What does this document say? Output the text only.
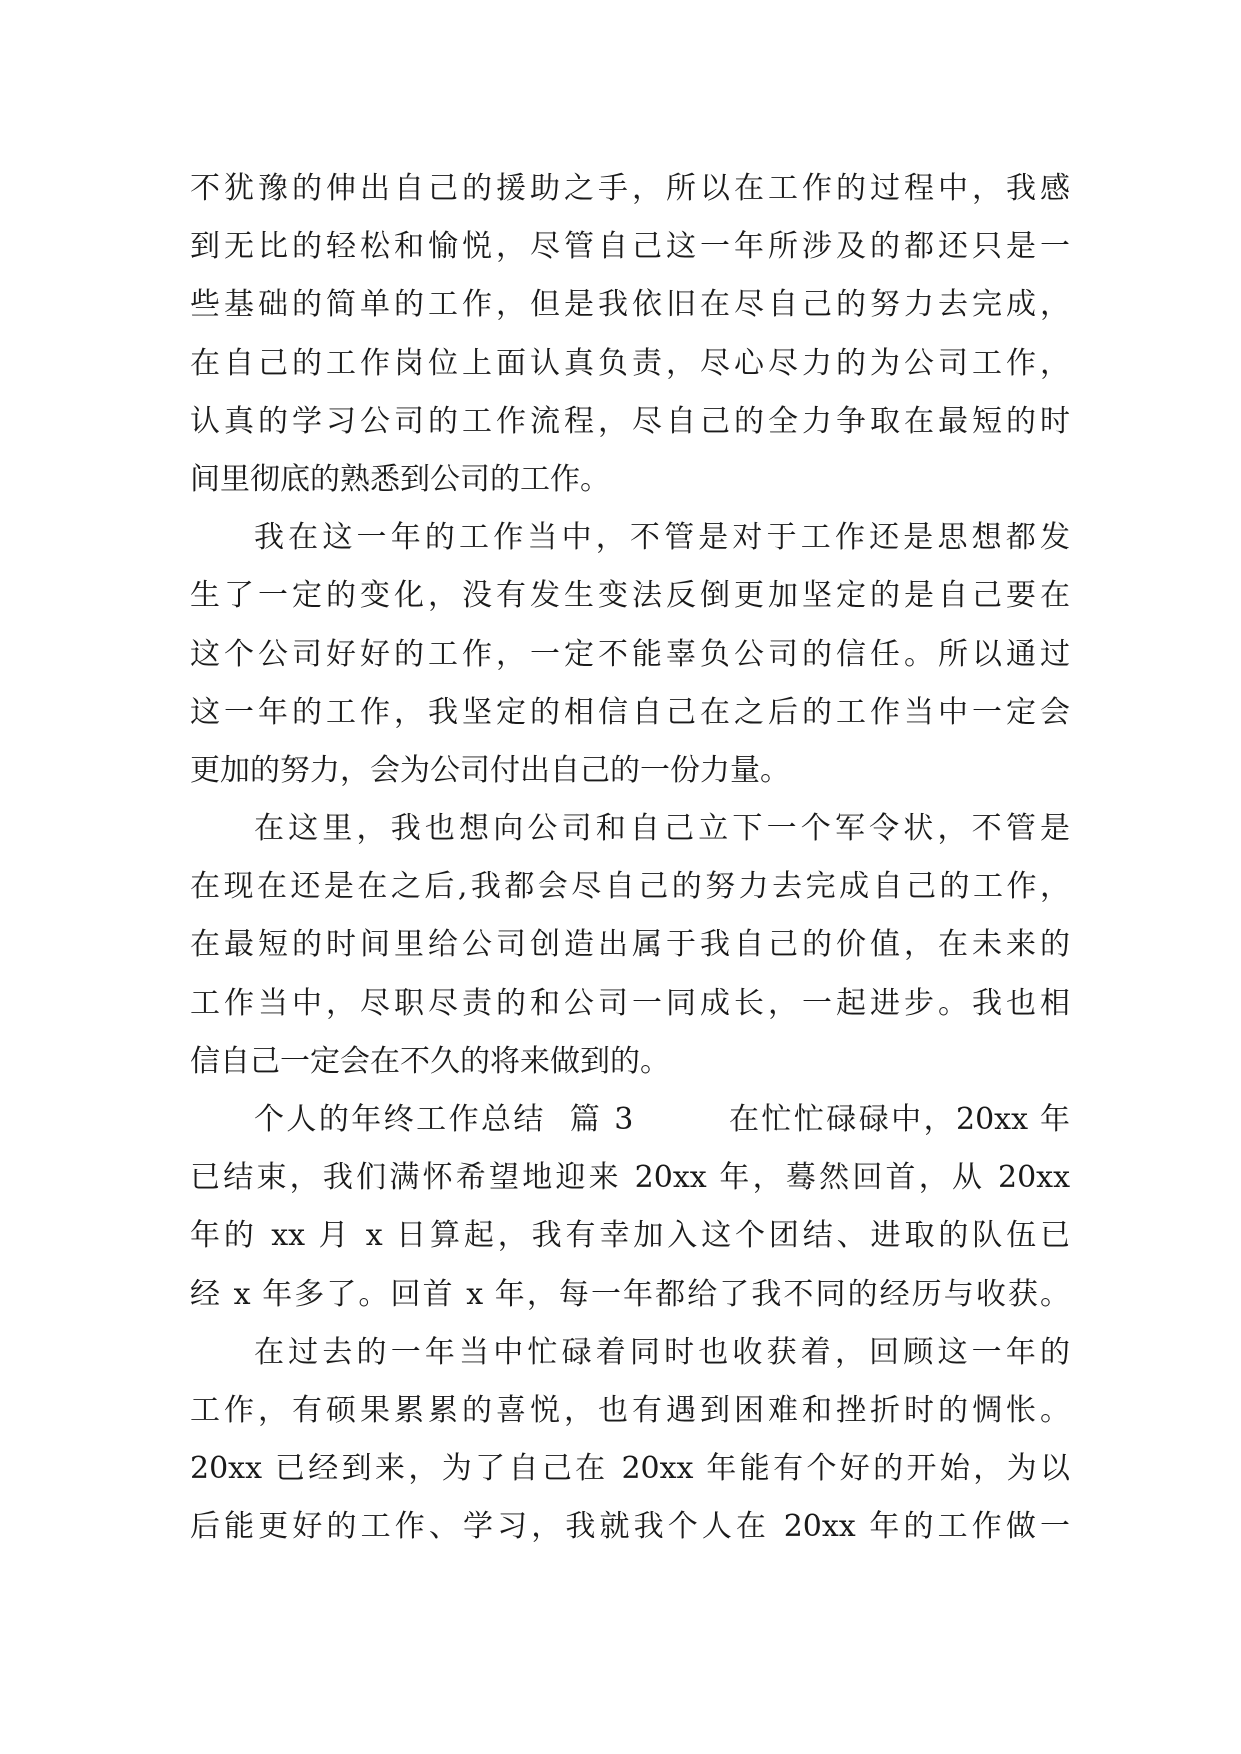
不犹豫的伸出自己的援助之手，所以在工作的过程中，我感
到无比的轻松和愉悦，尽管自己这一年所涉及的都还只是一
些基础的简单的工作，但是我依旧在尽自己的努力去完成，
在自己的工作岗位上面认真负责，尽心尽力的为公司工作，
认真的学习公司的工作流程，尽自己的全力争取在最短的时
间里彻底的熟悉到公司的工作。
我在这一年的工作当中，不管是对于工作还是思想都发
生了一定的变化，没有发生变法反倒更加坚定的是自己要在
这个公司好好的工作，一定不能辜负公司的信任。所以通过
这一年的工作，我坚定的相信自己在之后的工作当中一定会
更加的努力，会为公司付出自己的一份力量。
在这里，我也想向公司和自己立下一个军令状，不管是
在现在还是在之后,我都会尽自己的努力去完成自己的工作，
在最短的时间里给公司创造出属于我自己的价值，在未来的
工作当中，尽职尽责的和公司一同成长，一起进步。我也相
信自己一定会在不久的将来做到的。
个人的年终工作总结  篇 3        在忙忙碌碌中，20xx 年
已结束，我们满怀希望地迎来 20xx 年，蓦然回首，从 20xx
年的 xx 月 x 日算起，我有幸加入这个团结、进取的队伍已
经 x 年多了。回首 x 年，每一年都给了我不同的经历与收获。
在过去的一年当中忙碌着同时也收获着，回顾这一年的
工作，有硕果累累的喜悦，也有遇到困难和挫折时的惆怅。
20xx 已经到来，为了自己在 20xx 年能有个好的开始，为以
后能更好的工作、学习，我就我个人在 20xx 年的工作做一
